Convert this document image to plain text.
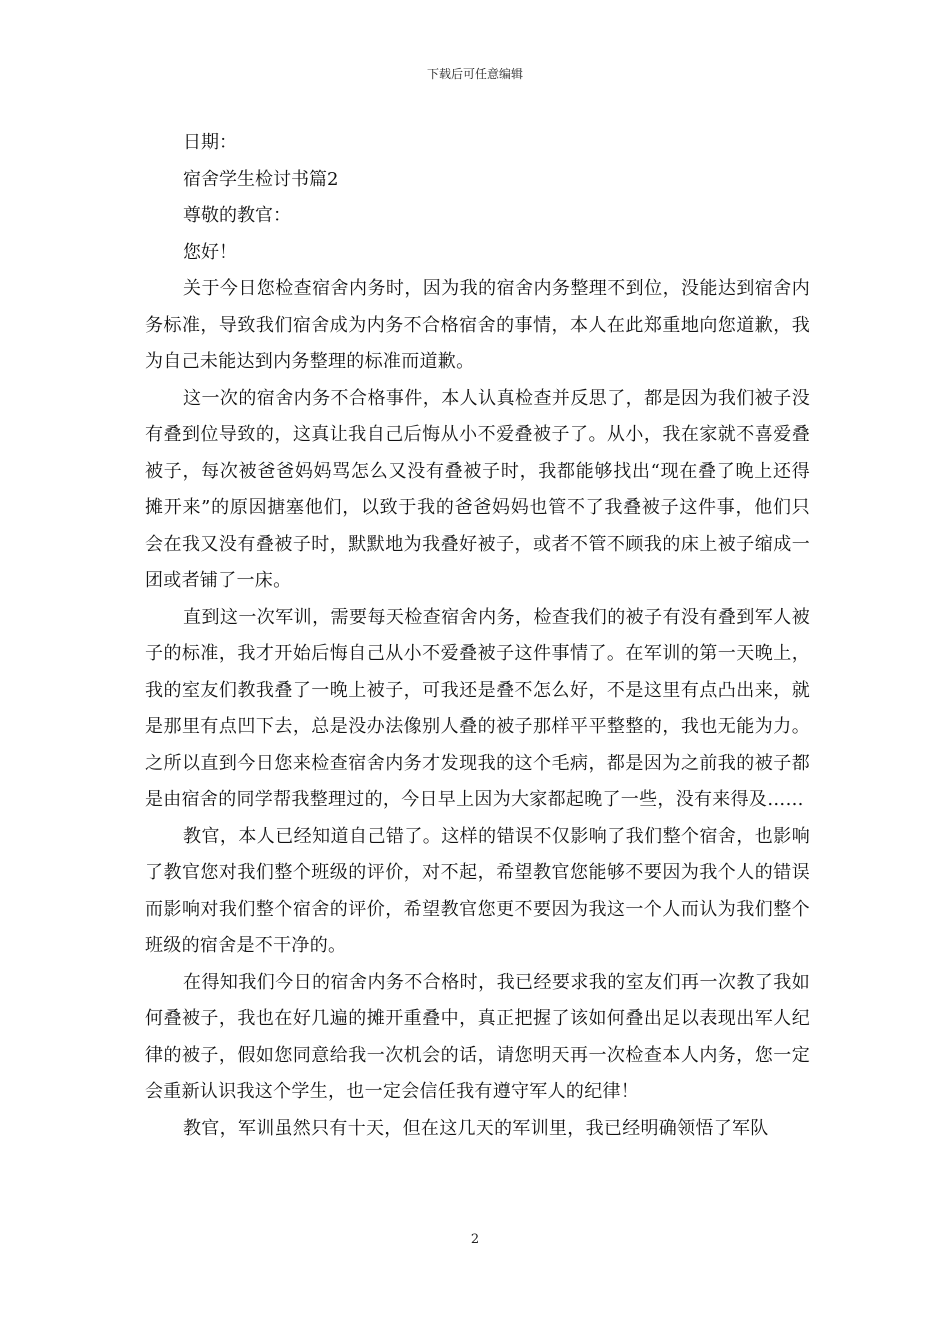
下载后可任意编辑

日期：

宿舍学生检讨书篇2

尊敬的教官：

您好！

关于今日您检查宿舍内务时，因为我的宿舍内务整理不到位，没能达到宿舍内务标准，导致我们宿舍成为内务不合格宿舍的事情，本人在此郑重地向您道歉，我为自己未能达到内务整理的标准而道歉。

这一次的宿舍内务不合格事件，本人认真检查并反思了，都是因为我们被子没有叠到位导致的，这真让我自己后悔从小不爱叠被子了。从小，我在家就不喜爱叠被子，每次被爸爸妈妈骂怎么又没有叠被子时，我都能够找出“现在叠了晚上还得摊开来”的原因搪塞他们，以致于我的爸爸妈妈也管不了我叠被子这件事，他们只会在我又没有叠被子时，默默地为我叠好被子，或者不管不顾我的床上被子缩成一团或者铺了一床。

直到这一次军训，需要每天检查宿舍内务，检查我们的被子有没有叠到军人被子的标准，我才开始后悔自己从小不爱叠被子这件事情了。在军训的第一天晚上，我的室友们教我叠了一晚上被子，可我还是叠不怎么好，不是这里有点凸出来，就是那里有点凹下去，总是没办法像别人叠的被子那样平平整整的，我也无能为力。之所以直到今日您来检查宿舍内务才发现我的这个毛病，都是因为之前我的被子都是由宿舍的同学帮我整理过的，今日早上因为大家都起晚了一些，没有来得及……

教官，本人已经知道自己错了。这样的错误不仅影响了我们整个宿舍，也影响了教官您对我们整个班级的评价，对不起，希望教官您能够不要因为我个人的错误而影响对我们整个宿舍的评价，希望教官您更不要因为我这一个人而认为我们整个班级的宿舍是不干净的。

在得知我们今日的宿舍内务不合格时，我已经要求我的室友们再一次教了我如何叠被子，我也在好几遍的摊开重叠中，真正把握了该如何叠出足以表现出军人纪律的被子，假如您同意给我一次机会的话，请您明天再一次检查本人内务，您一定会重新认识我这个学生，也一定会信任我有遵守军人的纪律！

教官，军训虽然只有十天，但在这几天的军训里，我已经明确领悟了军队

2
